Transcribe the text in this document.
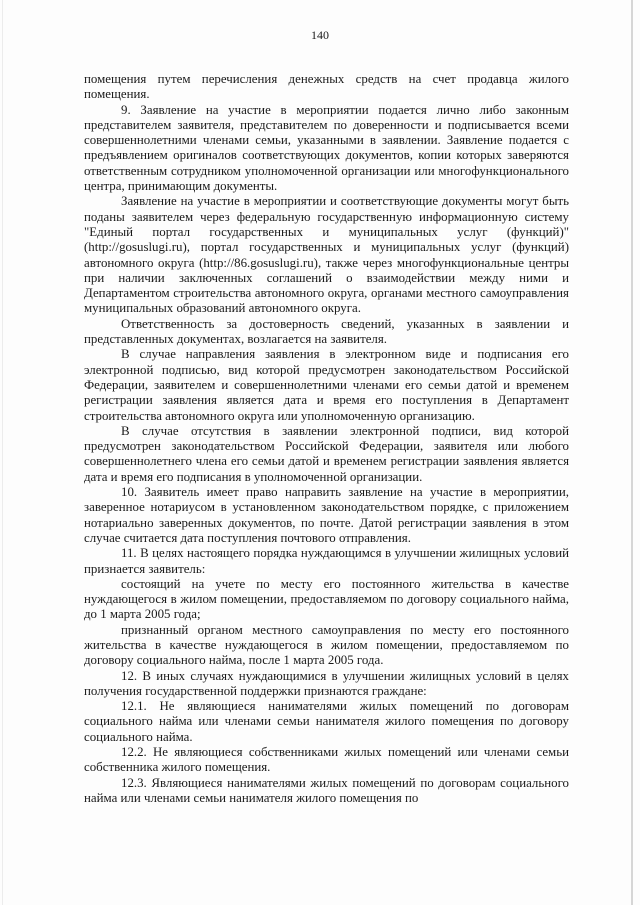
140

помещения путем перечисления денежных средств на счет продавца жилого помещения.

9. Заявление на участие в мероприятии подается лично либо законным представителем заявителя, представителем по доверенности и подписывается всеми совершеннолетними членами семьи, указанными в заявлении. Заявление подается с предъявлением оригиналов соответствующих документов, копии которых заверяются ответственным сотрудником уполномоченной организации или многофункционального центра, принимающим документы.

Заявление на участие в мероприятии и соответствующие документы могут быть поданы заявителем через федеральную государственную информационную систему "Единый портал государственных и муниципальных услуг (функций)" (http://gosuslugi.ru), портал государственных и муниципальных услуг (функций) автономного округа (http://86.gosuslugi.ru), также через многофункциональные центры при наличии заключенных соглашений о взаимодействии между ними и Департаментом строительства автономного округа, органами местного самоуправления муниципальных образований автономного округа.

Ответственность за достоверность сведений, указанных в заявлении и представленных документах, возлагается на заявителя.

В случае направления заявления в электронном виде и подписания его электронной подписью, вид которой предусмотрен законодательством Российской Федерации, заявителем и совершеннолетними членами его семьи датой и временем регистрации заявления является дата и время его поступления в Департамент строительства автономного округа или уполномоченную организацию.

В случае отсутствия в заявлении электронной подписи, вид которой предусмотрен законодательством Российской Федерации, заявителя или любого совершеннолетнего члена его семьи датой и временем регистрации заявления является дата и время его подписания в уполномоченной организации.

10. Заявитель имеет право направить заявление на участие в мероприятии, заверенное нотариусом в установленном законодательством порядке, с приложением нотариально заверенных документов, по почте. Датой регистрации заявления в этом случае считается дата поступления почтового отправления.

11. В целях настоящего порядка нуждающимся в улучшении жилищных условий признается заявитель:

состоящий на учете по месту его постоянного жительства в качестве нуждающегося в жилом помещении, предоставляемом по договору социального найма, до 1 марта 2005 года;

признанный органом местного самоуправления по месту его постоянного жительства в качестве нуждающегося в жилом помещении, предоставляемом по договору социального найма, после 1 марта 2005 года.

12. В иных случаях нуждающимися в улучшении жилищных условий в целях получения государственной поддержки признаются граждане:

12.1. Не являющиеся нанимателями жилых помещений по договорам социального найма или членами семьи нанимателя жилого помещения по договору социального найма.

12.2. Не являющиеся собственниками жилых помещений или членами семьи собственника жилого помещения.

12.3. Являющиеся нанимателями жилых помещений по договорам социального найма или членами семьи нанимателя жилого помещения по
